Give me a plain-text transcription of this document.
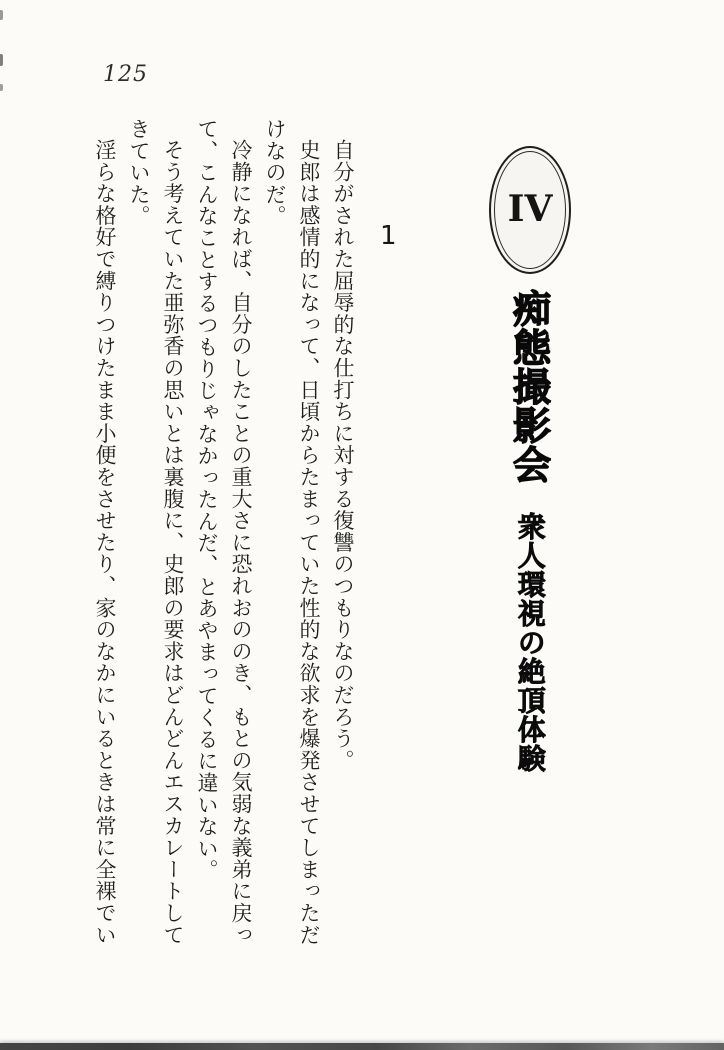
125
IV
痴態撮影会
衆人環視の絶頂体験
1

自分がされた屈辱的な仕打ちに対する復讐のつもりなのだろう。

史郎は感情的になって、日頃からたまっていた性的な欲求を爆発させてしまっただけなのだ。

冷静になれば、自分のしたことの重大さに恐れおののき、もとの気弱な義弟に戻って、こんなことするつもりじゃなかったんだ、とあやまってくるに違いない。

そう考えていた亜弥香の思いとは裏腹に、史郎の要求はどんどんエスカレートしてきていた。

淫らな格好で縛りつけたまま小便をさせたり、家のなかにいるときは常に全裸でい
